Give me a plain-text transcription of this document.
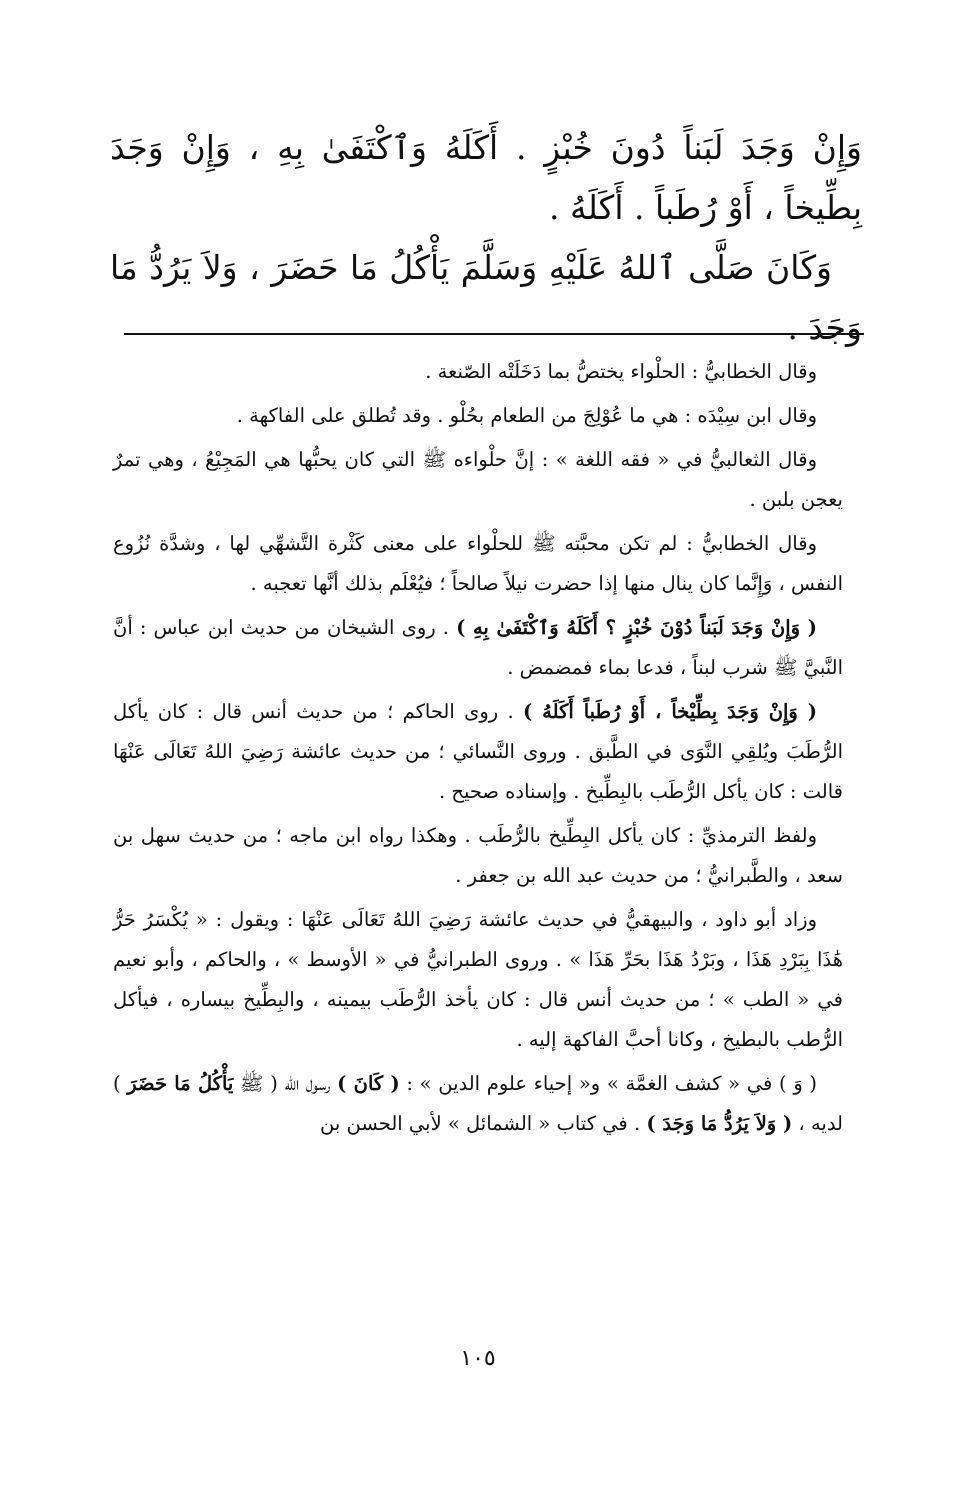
وَإِنْ وَجَدَ لَبَناً دُونَ خُبْزٍ . أَكَلَهُ وَٱكْتَفَىٰ بِهِ ، وَإِنْ وَجَدَ بِطِّيخاً ، أَوْ رُطَباً . أَكَلَهُ .

وَكَانَ صَلَّى ٱللهُ عَلَيْهِ وَسَلَّمَ يَأْكُلُ مَا حَضَرَ ، وَلاَ يَرُدُّ مَا وَجَدَ .

وقال الخطابيُّ : الحلْواء يختصُّ بما دَخَلَتْه الصّنعة .

وقال ابن سِيْدَه : هي ما عُوْلِجَ من الطعام بحُلْو . وقد تُطلق على الفاكهة .

وقال الثعالبيُّ في « فقه اللغة » : إنَّ حلْواءه ﷺ التي كان يحبُّها هي المَجِيْعُ ، وهي تمرٌ يعجن بلبن .

وقال الخطابيُّ : لم تكن محبَّته ﷺ للحلْواء على معنى كَثْرة التَّشهِّي لها ، وشدَّة نُزُوع النفس ، وَإِنَّما كان ينال منها إذا حضرت نيلاً صالحاً ؛ فيُعْلَم بذلك أنَّها تعجبه .

( وَإِنْ وَجَدَ لَبَناً دُوْنَ خُبْزٍ ؟ أَكَلَهُ وَٱكْتَفَىٰ بِهِ ) . روى الشيخان من حديث ابن عباس : أنَّ النَّبيَّ ﷺ شرب لبناً ، فدعا بماء فمضمض .

( وَإِنْ وَجَدَ بِطِّيْخاً ، أَوْ رُطَباً أَكَلَهُ ) . روى الحاكم ؛ من حديث أنس قال : كان يأكل الرُّطَبَ ويُلقِي النَّوَى في الطَّبق . وروى النَّسائي ؛ من حديث عائشة رَضِيَ اللهُ تَعَالَى عَنْهَا قالت : كان يأكل الرُّطَب بالبِطِّيخ . وإسناده صحيح .

ولفظ الترمذيِّ : كان يأكل البِطِّيخ بالرُّطَب . وهكذا رواه ابن ماجه ؛ من حديث سهل بن سعد ، والطَّبرانيُّ ؛ من حديث عبد الله بن جعفر .

وزاد أبو داود ، والبيهقيُّ في حديث عائشة رَضِيَ اللهُ تَعَالَى عَنْهَا : ويقول : « يُكْسَرُ حَرُّ هَٰذَا بِبَرْدِ هَذَا ، وبَرْدُ هَذَا بحَرِّ هَذَا » . وروى الطبرانيُّ في « الأوسط » ، والحاكم ، وأبو نعيم في « الطب » ؛ من حديث أنس قال : كان يأخذ الرُّطَب بيمينه ، والبِطِّيخ بيساره ، فيأكل الرُّطب بالبطيخ ، وكانا أحبَّ الفاكهة إليه .

( وَ ) في « كشف الغمَّة » و« إحياء علوم الدين » : ( كَانَ ) رسول الله ( ﷺ يَأْكُلُ مَا حَضَرَ ) لديه ، ( وَلاَ يَرُدُّ مَا وَجَدَ ) . في كتاب « الشمائل » لأبي الحسن بن

١٠٥
